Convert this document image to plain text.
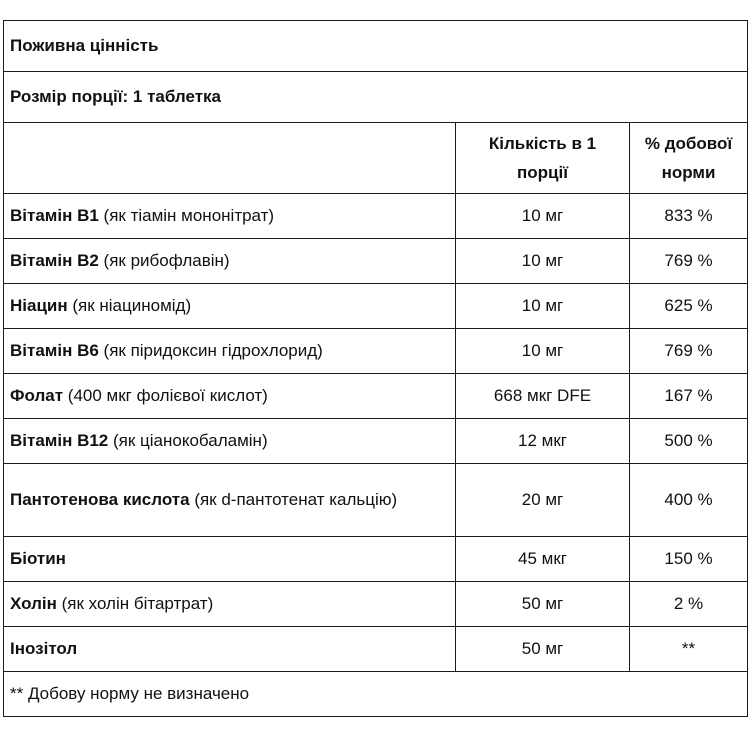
Поживна цінність		
Розмір порції: 1 таблетка		
	Кількість в 1 порції	% добової норми
Вітамін B1 (як тіамін мононітрат)	10 мг	833 %
Вітамін B2 (як рибофлавін)	10 мг	769 %
Ніацин (як ніациномід)	10 мг	625 %
Вітамін B6 (як піридоксин гідрохлорид)	10 мг	769 %
Фолат (400 мкг фолієвої кислот)	668 мкг DFE	167 %
Вітамін B12 (як ціанокобаламін)	12 мкг	500 %
Пантотенова кислота (як d-пантотенат кальцію)	20 мг	400 %
Біотин	45 мкг	150 %
Холін (як холін бітартрат)	50 мг	2 %
Інозітол	50 мг	**
** Добову норму не визначено		
